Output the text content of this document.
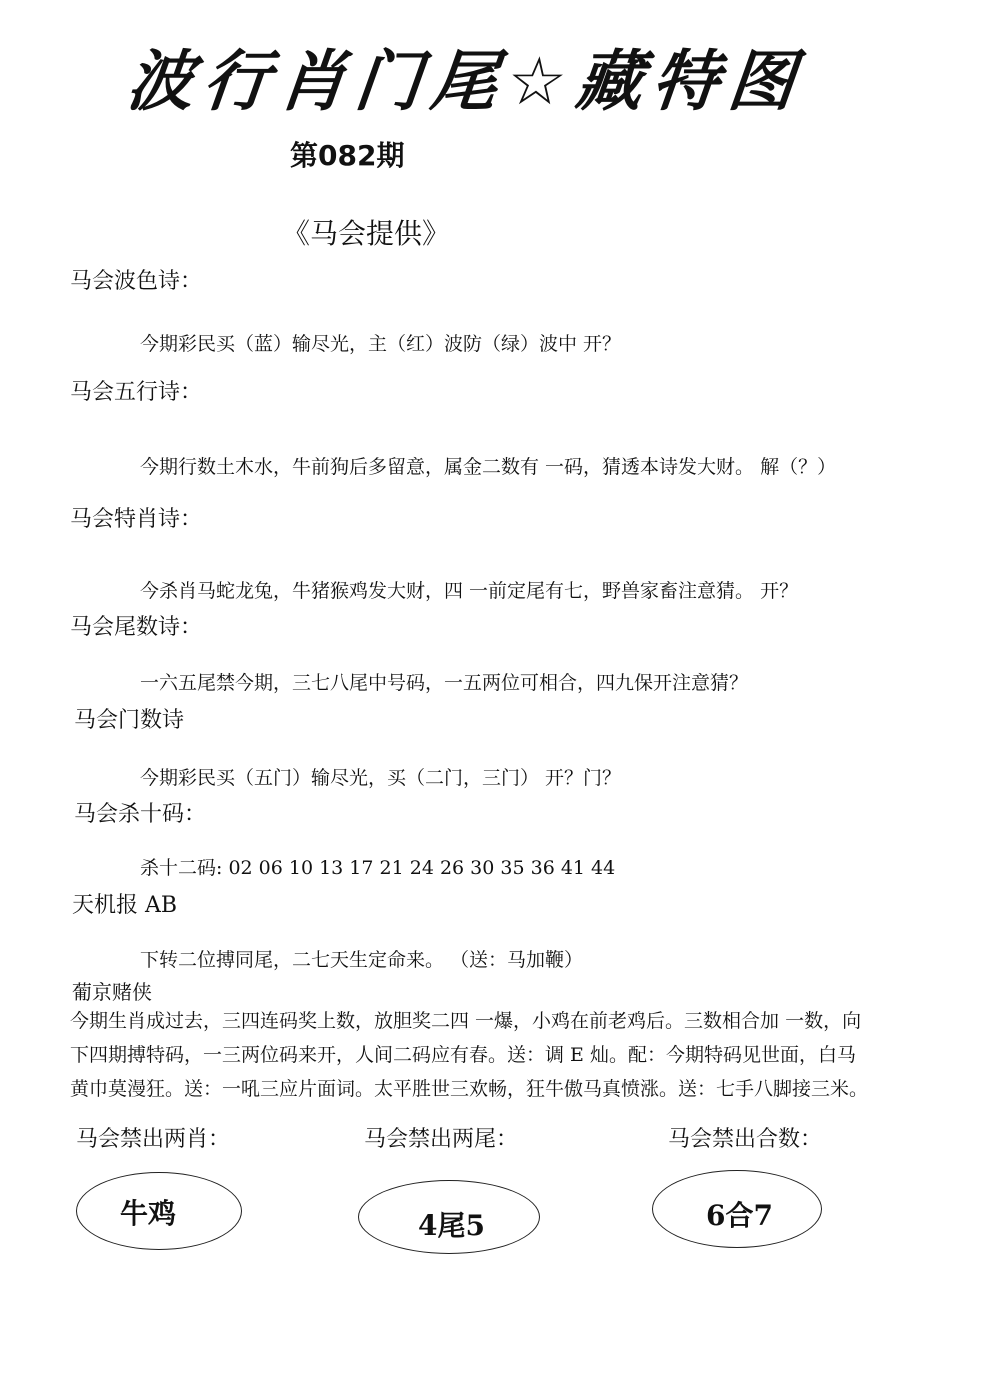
波行肖门尾☆藏特图
第082期
《马会提供》
马会波色诗：
今期彩民买（蓝）输尽光，主（红）波防（绿）波中 开？
马会五行诗：
今期行数土木水，牛前狗后多留意，属金二数有 一码，猜透本诗发大财。 解（？）
马会特肖诗：
今杀肖马蛇龙兔，牛猪猴鸡发大财，四 一前定尾有七，野兽家畜注意猜。 开？
马会尾数诗：
一六五尾禁今期，三七八尾中号码，一五两位可相合，四九保开注意猜？
马会门数诗
今期彩民买（五门）输尽光，买（二门，三门） 开？门？
马会杀十码：
杀十二码: 02 06 10 13 17 21 24 26 30 35 36 41 44
天机报 AB
下转二位搏同尾，二七天生定命来。 （送：马加鞭）
葡京赌侠
今期生肖成过去，三四连码奖上数，放胆奖二四 一爆，小鸡在前老鸡后。三数相合加 一数，向
下四期搏特码，一三两位码来开，人间二码应有春。送：调 E 灿。配：今期特码见世面，白马
黄巾莫漫狂。送：一吼三应片面词。太平胜世三欢畅，狂牛傲马真愤涨。送：七手八脚接三米。
马会禁出两肖：	马会禁出两尾：	马会禁出合数：
牛鸡	4尾5	6合7
